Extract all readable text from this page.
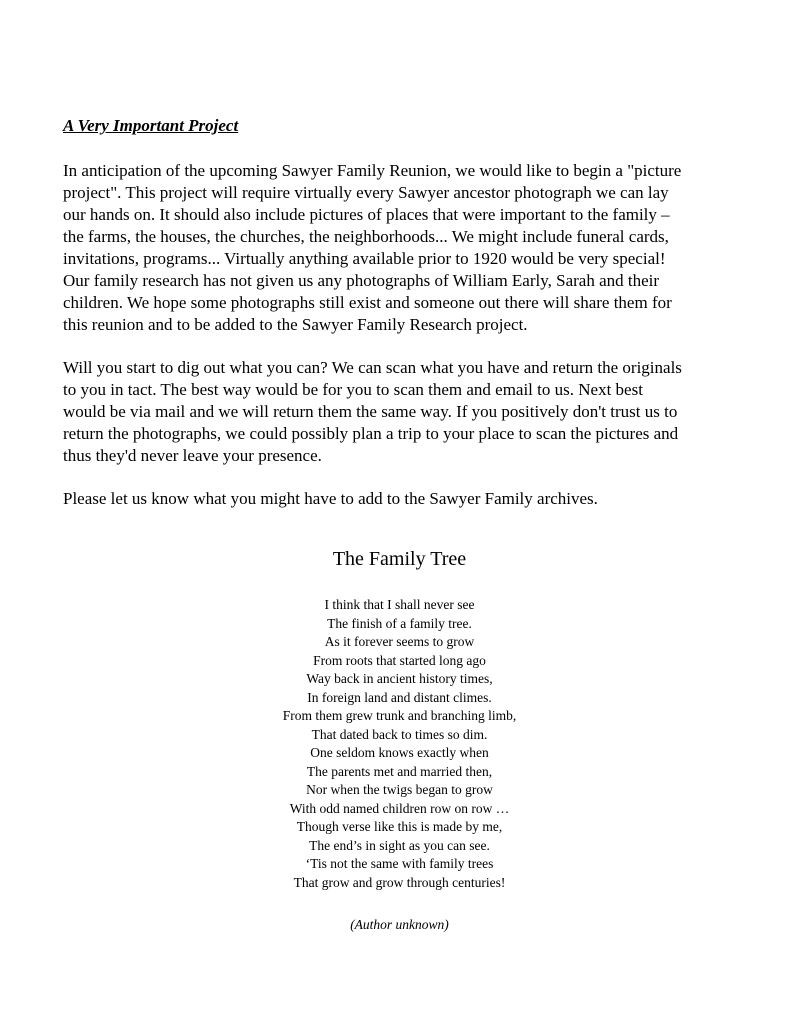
A Very Important Project
In anticipation of the upcoming Sawyer Family Reunion, we would like to begin a "picture
project". This project will require virtually every Sawyer ancestor photograph we can lay
our hands on. It should also include pictures of places that were important to the family –
the farms, the houses, the churches, the neighborhoods... We might include funeral cards,
invitations, programs... Virtually anything available prior to 1920 would be very special!
Our family research has not given us any photographs of William Early, Sarah and their
children. We hope some photographs still exist and someone out there will share them for
this reunion and to be added to the Sawyer Family Research project.
Will you start to dig out what you can? We can scan what you have and return the originals
to you in tact. The best way would be for you to scan them and email to us. Next best
would be via mail and we will return them the same way. If you positively don't trust us to
return the photographs, we could possibly plan a trip to your place to scan the pictures and
thus they'd never leave your presence.
Please let us know what you might have to add to the Sawyer Family archives.
The Family Tree
I think that I shall never see
The finish of a family tree.
As it forever seems to grow
From roots that started long ago
Way back in ancient history times,
In foreign land and distant climes.
From them grew trunk and branching limb,
That dated back to times so dim.
One seldom knows exactly when
The parents met and married then,
Nor when the twigs began to grow
With odd named children row on row …
Though verse like this is made by me,
The end’s in sight as you can see.
‘Tis not the same with family trees
That grow and grow through centuries!
(Author unknown)
